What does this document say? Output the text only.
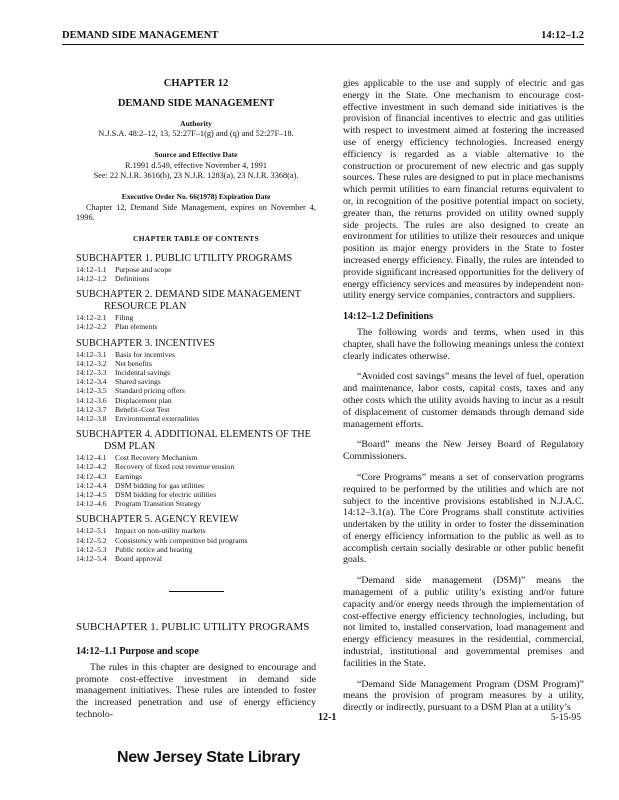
DEMAND SIDE MANAGEMENT	14:12–1.2
CHAPTER 12
DEMAND SIDE MANAGEMENT
Authority
N.J.S.A. 48:2–12, 13, 52:27F–1(g) and (q) and 52:27F–18.
Source and Effective Date
R.1991 d.549, effective November 4, 1991
See: 22 N.J.R. 3616(b), 23 N.J.R. 1283(a), 23 N.J.R. 3368(a).
Executive Order No. 66(1978) Expiration Date
Chapter 12, Demand Side Management, expires on November 4, 1996.
CHAPTER TABLE OF CONTENTS
SUBCHAPTER 1. PUBLIC UTILITY PROGRAMS
14:12–1.1	Purpose and scope
14:12–1.2	Definitions
SUBCHAPTER 2. DEMAND SIDE MANAGEMENT
RESOURCE PLAN
14:12–2.1	Filing
14:12–2.2	Plan elements
SUBCHAPTER 3. INCENTIVES
14:12–3.1	Basis for incentives
14:12–3.2	Net benefits
14:12–3.3	Incidental savings
14:12–3.4	Shared savings
14:12–3.5	Standard pricing offers
14:12–3.6	Displacement plan
14:12–3.7	Benefit–Cost Test
14:12–3.8	Environmental externalities
SUBCHAPTER 4. ADDITIONAL ELEMENTS OF THE
DSM PLAN
14:12–4.1	Cost Recovery Mechanism
14:12–4.2	Recovery of fixed cost revenue erosion
14:12–4.3	Earnings
14:12–4.4	DSM bidding for gas utilities
14:12–4.5	DSM bidding for electric utilities
14:12–4.6	Program Transition Strategy
SUBCHAPTER 5. AGENCY REVIEW
14:12–5.1	Impact on non-utility markets
14:12–5.2	Consistency with competitive bid programs
14:12–5.3	Public notice and hearing
14:12–5.4	Board approval
SUBCHAPTER 1. PUBLIC UTILITY PROGRAMS
14:12–1.1 Purpose and scope

The rules in this chapter are designed to encourage and promote cost-effective investment in demand side management initiatives. These rules are intended to foster the increased penetration and use of energy efficiency technolo-

gies applicable to the use and supply of electric and gas energy in the State. One mechanism to encourage cost-effective investment in such demand side initiatives is the provision of financial incentives to electric and gas utilities with respect to investment aimed at fostering the increased use of energy efficiency technologies. Increased energy efficiency is regarded as a viable alternative to the construction or procurement of new electric and gas supply sources. These rules are designed to put in place mechanisms which permit utilities to earn financial returns equivalent to or, in recognition of the positive potential impact on society, greater than, the returns provided on utility owned supply side projects. The rules are also designed to create an environment for utilities to utilize their resources and unique position as major energy providers in the State to foster increased energy efficiency. Finally, the rules are intended to provide significant increased opportunities for the delivery of energy efficiency services and measures by independent non-utility energy service companies, contractors and suppliers.

14:12–1.2 Definitions

The following words and terms, when used in this chapter, shall have the following meanings unless the context clearly indicates otherwise.

“Avoided cost savings” means the level of fuel, operation and maintenance, labor costs, capital costs, taxes and any other costs which the utility avoids having to incur as a result of displacement of customer demands through demand side management efforts.

“Board” means the New Jersey Board of Regulatory Commissioners.

“Core Programs” means a set of conservation programs required to be performed by the utilities and which are not subject to the incentive provisions established in N.J.A.C. 14:12–3.1(a). The Core Programs shall constitute activities undertaken by the utility in order to foster the dissemination of energy efficiency information to the public as well as to accomplish certain socially desirable or other public benefit goals.

“Demand side management (DSM)” means the management of a public utility’s existing and/or future capacity and/or energy needs through the implementation of cost-effective energy efficiency technologies, including, but not limited to, installed conservation, load management and energy efficiency measures in the residential, commercial, industrial, institutional and governmental premises and facilities in the State.

“Demand Side Management Program (DSM Program)” means the provision of program measures by a utility, directly or indirectly, pursuant to a DSM Plan at a utility’s

12-1	5-15-95
New Jersey State Library
